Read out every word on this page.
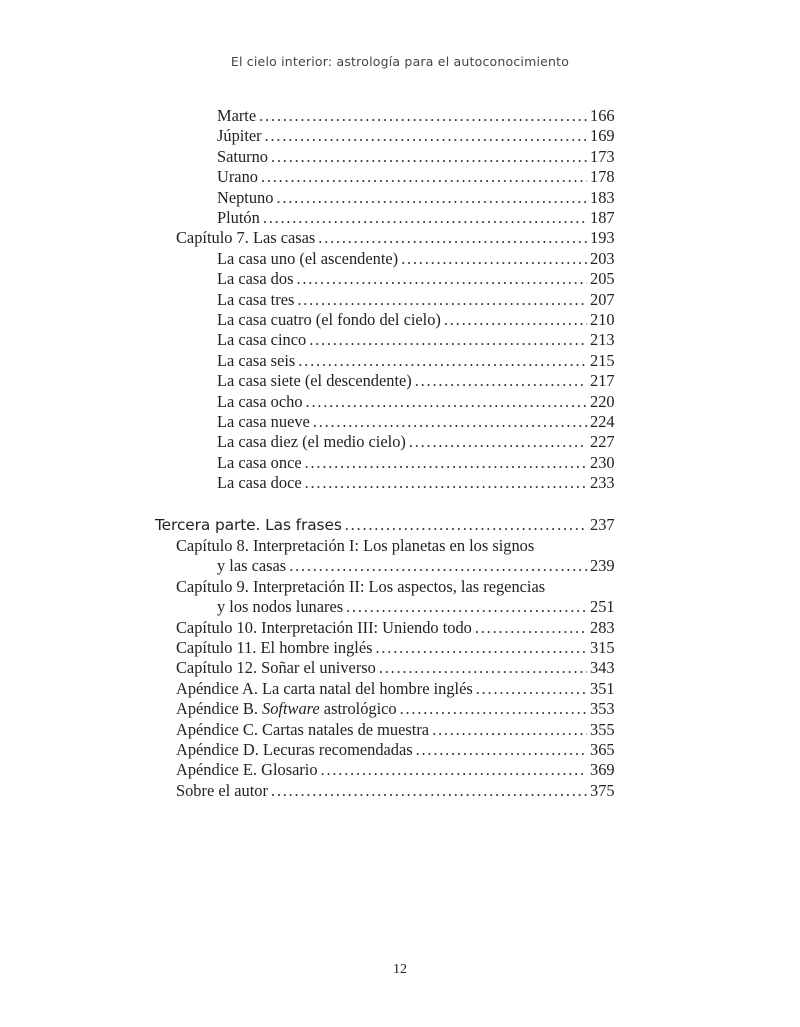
El cielo interior: astrología para el autoconocimiento
Marte .....	166
Júpiter .....	169
Saturno .....	173
Urano .....	178
Neptuno .....	183
Plutón .....	187
Capítulo 7. Las casas .....	193
La casa uno (el ascendente) .....	203
La casa dos .....	205
La casa tres .....	207
La casa cuatro (el fondo del cielo) .....	210
La casa cinco .....	213
La casa seis .....	215
La casa siete (el descendente) .....	217
La casa ocho .....	220
La casa nueve .....	224
La casa diez (el medio cielo) .....	227
La casa once .....	230
La casa doce .....	233
Tercera parte. Las frases .....	237
Capítulo 8. Interpretación I: Los planetas en los signos
y las casas .....	239
Capítulo 9. Interpretación II: Los aspectos, las regencias
y los nodos lunares .....	251
Capítulo 10. Interpretación III: Uniendo todo .....	283
Capítulo 11. El hombre inglés .....	315
Capítulo 12. Soñar el universo .....	343
Apéndice A. La carta natal del hombre inglés .....	351
Apéndice B. Software astrológico .....	353
Apéndice C. Cartas natales de muestra .....	355
Apéndice D. Lecuras recomendadas .....	365
Apéndice E. Glosario .....	369
Sobre el autor .....	375
12
